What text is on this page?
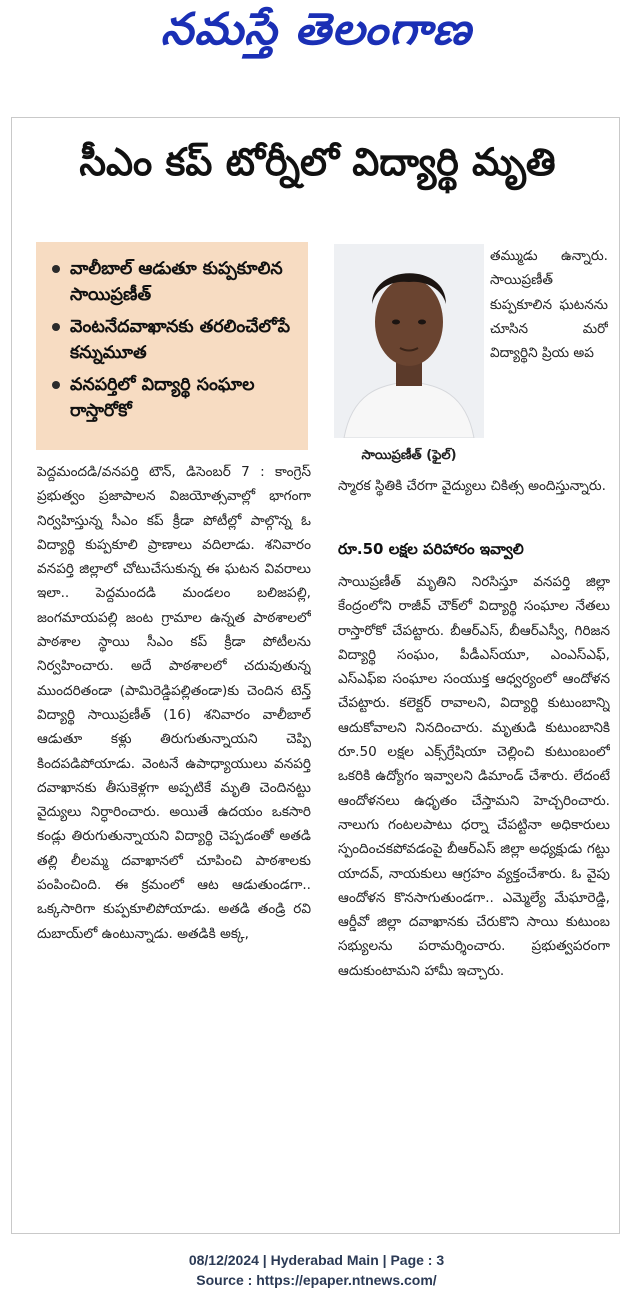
నమస్తే తెలంగాణ
సీఎం కప్ టోర్నీలో విద్యార్థి మృతి
వాలీబాల్ ఆడుతూ కుప్పకూలిన సాయిప్రణీత్
వెంటనేదవాఖానకు తరలించేలోపే కన్నుమూత
వనపర్తిలో విద్యార్థి సంఘాల రాస్తారోకో
సాయిప్రణీత్ (ఫైల్)

పెద్దమందడి/వనపర్తి టౌన్, డిసెంబర్ 7 : కాంగ్రెస్ ప్రభుత్వం ప్రజాపాలన విజయోత్సవాల్లో భాగంగా నిర్వహిస్తున్న సీఎం కప్ క్రీడా పోటీల్లో పాల్గొన్న ఓ విద్యార్థి కుప్పకూలి ప్రాణాలు వదిలాడు. శనివారం వనపర్తి జిల్లాలో చోటుచేసుకున్న ఈ ఘటన వివరాలు ఇలా.. పెద్దమందడి మండలం బలిజపల్లి, జంగమాయపల్లి జంట గ్రామాల ఉన్నత పాఠశాలలో పాఠశాల స్థాయి సీఎం కప్ క్రీడా పోటీలను నిర్వహించారు. అదే పాఠశాలలో చదువుతున్న ముందరితండా (పామిరెడ్డిపల్లితండా)కు చెందిన టెన్త్ విద్యార్థి సాయిప్రణీత్ (16) శనివారం వాలీబాల్ ఆడుతూ కళ్లు తిరుగుతున్నాయని చెప్పి కిందపడిపోయాడు. వెంటనే ఉపాధ్యాయులు వనపర్తి దవాఖానకు తీసుకెళ్లగా అప్పటికే మృతి చెందినట్టు వైద్యులు నిర్ధారించారు. అయితే ఉదయం ఒకసారి కండ్లు తిరుగుతున్నాయని విద్యార్థి చెప్పడంతో అతడి తల్లి లీలమ్మ దవాఖానలో చూపించి పాఠశాలకు పంపించింది. ఈ క్రమంలో ఆట ఆడుతుండగా.. ఒక్కసారిగా కుప్పకూలిపోయాడు. అతడి తండ్రి రవి దుబాయ్‌లో ఉంటున్నాడు. అతడికి అక్క,

తమ్ముడు ఉన్నారు. సాయిప్రణీత్ కుప్పకూలిన ఘటనను చూసిన మరో విద్యార్థిని ప్రియ అప

స్మారక స్థితికి చేరగా వైద్యులు చికిత్స అందిస్తున్నారు.

రూ.50 లక్షల పరిహారం ఇవ్వాలి

సాయిప్రణీత్ మృతిని నిరసిస్తూ వనపర్తి జిల్లా కేంద్రంలోని రాజీవ్ చౌక్‌లో విద్యార్థి సంఘాల నేతలు రాస్తారోకో చేపట్టారు. బీఆర్‌ఎస్, బీఆర్‌ఎస్వీ, గిరిజన విద్యార్థి సంఘం, పీడీఎస్‌యూ, ఎంఎస్‌ఎఫ్, ఎస్‌ఎఫ్‌ఐ సంఘాల సంయుక్త ఆధ్వర్యంలో ఆందోళన చేపట్టారు. కలెక్టర్ రావాలని, విద్యార్థి కుటుంబాన్ని ఆదుకోవాలని నినదించారు. మృతుడి కుటుంబానికి రూ.50 లక్షల ఎక్స్‌గ్రేషియా చెల్లించి కుటుంబంలో ఒకరికి ఉద్యోగం ఇవ్వాలని డిమాండ్ చేశారు. లేదంటే ఆందోళనలు ఉధృతం చేస్తామని హెచ్చరించారు. నాలుగు గంటలపాటు ధర్నా చేపట్టినా అధికారులు స్పందించకపోవడంపై బీఆర్‌ఎస్ జిల్లా అధ్యక్షుడు గట్టు యాదవ్, నాయకులు ఆగ్రహం వ్యక్తంచేశారు. ఓ వైపు ఆందోళన కొనసాగుతుండగా.. ఎమ్మెల్యే మేఘారెడ్డి, ఆర్డీవో జిల్లా దవాఖానకు చేరుకొని సాయి కుటుంబ సభ్యులను పరామర్శించారు. ప్రభుత్వపరంగా ఆదుకుంటామని హామీ ఇచ్చారు.

08/12/2024 | Hyderabad Main | Page : 3
Source : https://epaper.ntnews.com/
